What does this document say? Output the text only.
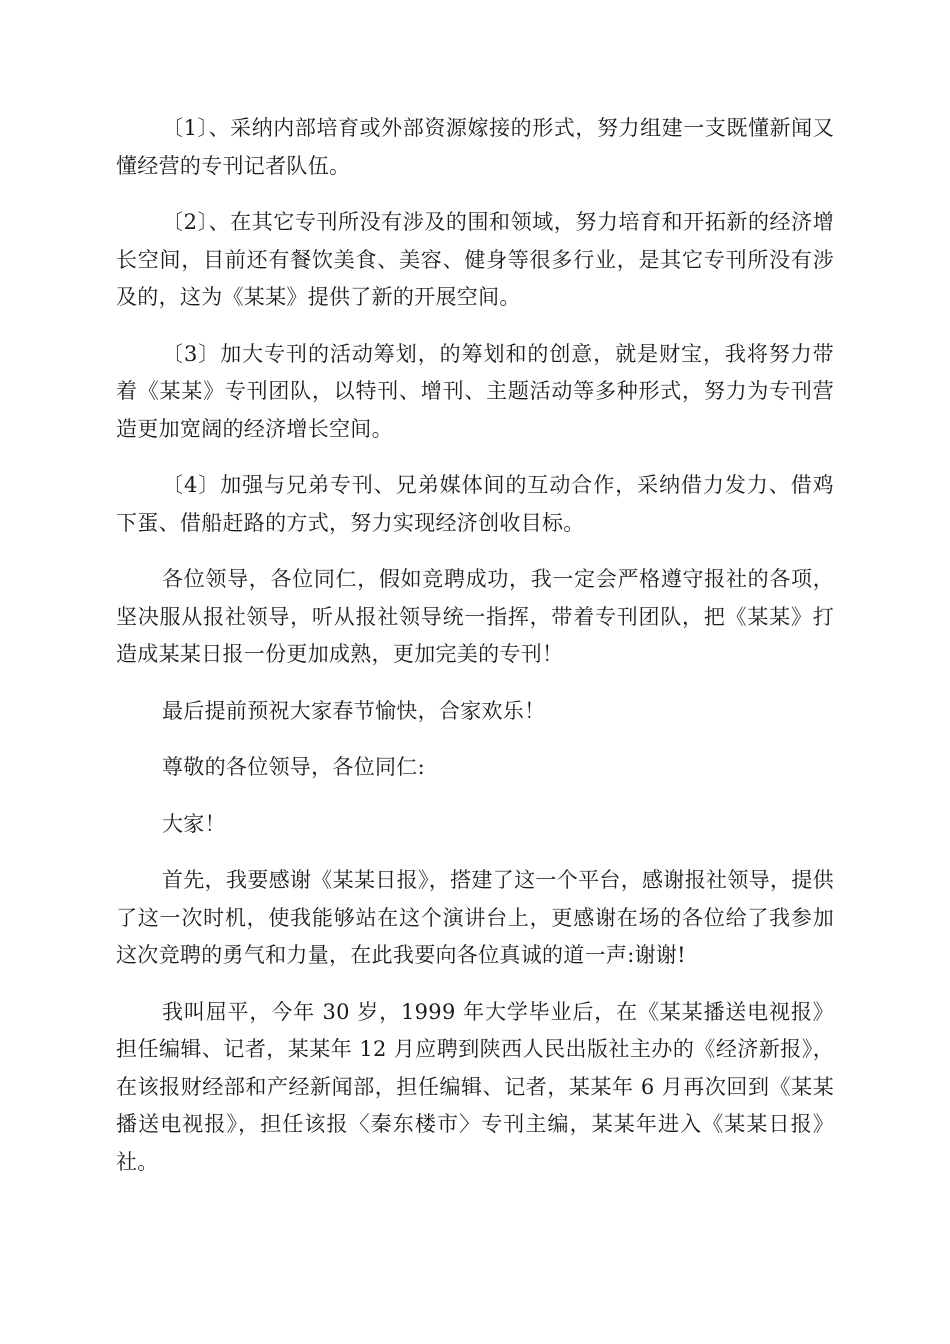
〔1〕、采纳内部培育或外部资源嫁接的形式，努力组建一支既懂新闻又懂经营的专刊记者队伍。

〔2〕、在其它专刊所没有涉及的围和领域，努力培育和开拓新的经济增长空间，目前还有餐饮美食、美容、健身等很多行业，是其它专刊所没有涉及的，这为《某某》提供了新的开展空间。

〔3〕加大专刊的活动筹划，的筹划和的创意，就是财宝，我将努力带着《某某》专刊团队，以特刊、增刊、主题活动等多种形式，努力为专刊营造更加宽阔的经济增长空间。

〔4〕加强与兄弟专刊、兄弟媒体间的互动合作，采纳借力发力、借鸡下蛋、借船赶路的方式，努力实现经济创收目标。

各位领导，各位同仁，假如竞聘成功，我一定会严格遵守报社的各项，坚决服从报社领导，听从报社领导统一指挥，带着专刊团队，把《某某》打造成某某日报一份更加成熟，更加完美的专刊！

最后提前预祝大家春节愉快，合家欢乐！

尊敬的各位领导，各位同仁:

大家！

首先，我要感谢《某某日报》，搭建了这一个平台，感谢报社领导，提供了这一次时机，使我能够站在这个演讲台上，更感谢在场的各位给了我参加这次竞聘的勇气和力量，在此我要向各位真诚的道一声:谢谢!

我叫屈平，今年 30 岁，1999 年大学毕业后，在《某某播送电视报》担任编辑、记者，某某年 12 月应聘到陕西人民出版社主办的《经济新报》，在该报财经部和产经新闻部，担任编辑、记者，某某年 6 月再次回到《某某播送电视报》，担任该报〈秦东楼市〉专刊主编，某某年进入《某某日报》社。
